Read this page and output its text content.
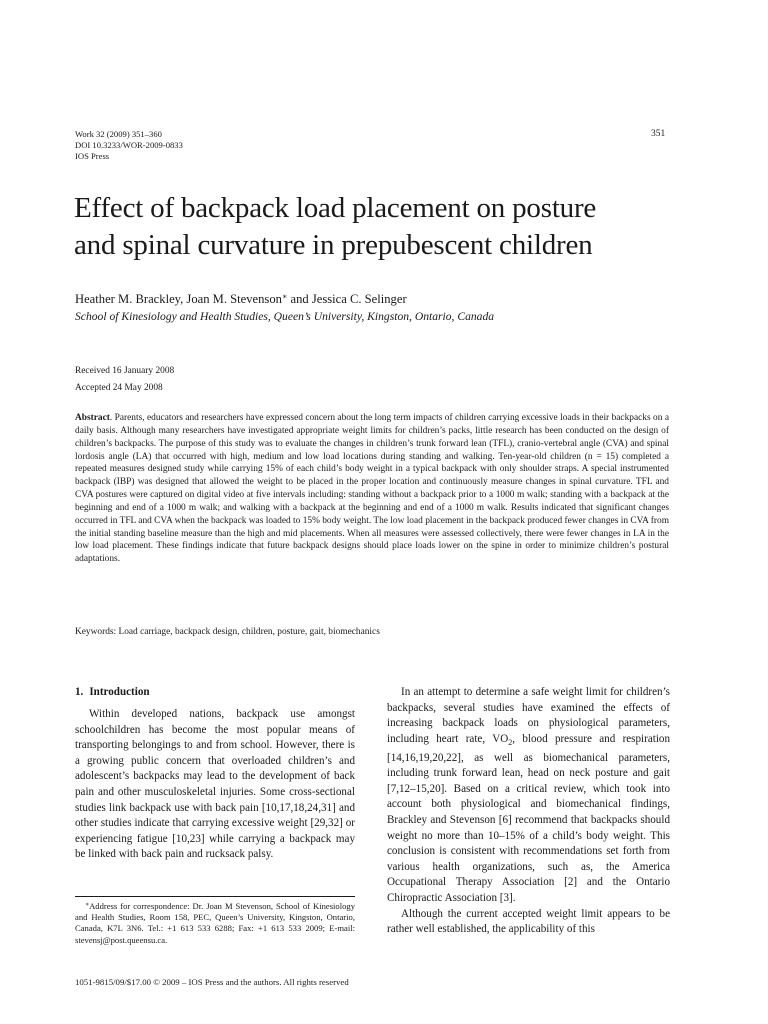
Work 32 (2009) 351–360
DOI 10.3233/WOR-2009-0833
IOS Press
351
Effect of backpack load placement on posture
and spinal curvature in prepubescent children
Heather M. Brackley, Joan M. Stevenson∗ and Jessica C. Selinger
School of Kinesiology and Health Studies, Queen’s University, Kingston, Ontario, Canada
Received 16 January 2008
Accepted 24 May 2008
Abstract. Parents, educators and researchers have expressed concern about the long term impacts of children carrying excessive loads in their backpacks on a daily basis. Although many researchers have investigated appropriate weight limits for children’s packs, little research has been conducted on the design of children’s backpacks. The purpose of this study was to evaluate the changes in children’s trunk forward lean (TFL), cranio-vertebral angle (CVA) and spinal lordosis angle (LA) that occurred with high, medium and low load locations during standing and walking. Ten-year-old children (n = 15) completed a repeated measures designed study while carrying 15% of each child’s body weight in a typical backpack with only shoulder straps. A special instrumented backpack (IBP) was designed that allowed the weight to be placed in the proper location and continuously measure changes in spinal curvature. TFL and CVA postures were captured on digital video at five intervals including: standing without a backpack prior to a 1000 m walk; standing with a backpack at the beginning and end of a 1000 m walk; and walking with a backpack at the beginning and end of a 1000 m walk. Results indicated that significant changes occurred in TFL and CVA when the backpack was loaded to 15% body weight. The low load placement in the backpack produced fewer changes in CVA from the initial standing baseline measure than the high and mid placements. When all measures were assessed collectively, there were fewer changes in LA in the low load placement. These findings indicate that future backpack designs should place loads lower on the spine in order to minimize children’s postural adaptations.
Keywords: Load carriage, backpack design, children, posture, gait, biomechanics
1. Introduction

Within developed nations, backpack use amongst schoolchildren has become the most popular means of transporting belongings to and from school. However, there is a growing public concern that overloaded children’s and adolescent’s backpacks may lead to the development of back pain and other musculoskeletal injuries. Some cross-sectional studies link backpack use with back pain [10,17,18,24,31] and other studies indicate that carrying excessive weight [29,32] or experiencing fatigue [10,23] while carrying a backpack may be linked with back pain and rucksack palsy.

In an attempt to determine a safe weight limit for children’s backpacks, several studies have examined the effects of increasing backpack loads on physiological parameters, including heart rate, $VO_2$, blood pressure and respiration [14,16,19,20,22], as well as biomechanical parameters, including trunk forward lean, head on neck posture and gait [7,12–15,20]. Based on a critical review, which took into account both physiological and biomechanical findings, Brackley and Stevenson [6] recommend that backpacks should weight no more than 10–15% of a child’s body weight. This conclusion is consistent with recommendations set forth from various health organizations, such as, the America Occupational Therapy Association [2] and the Ontario Chiropractic Association [3].

Although the current accepted weight limit appears to be rather well established, the applicability of this

∗Address for correspondence: Dr. Joan M Stevenson, School of Kinesiology and Health Studies, Room 158, PEC, Queen’s University, Kingston, Ontario, Canada, K7L 3N6. Tel.: +1 613 533 6288; Fax: +1 613 533 2009; E-mail: stevensj@post.queensu.ca.
1051-9815/09/$17.00 © 2009 – IOS Press and the authors. All rights reserved
